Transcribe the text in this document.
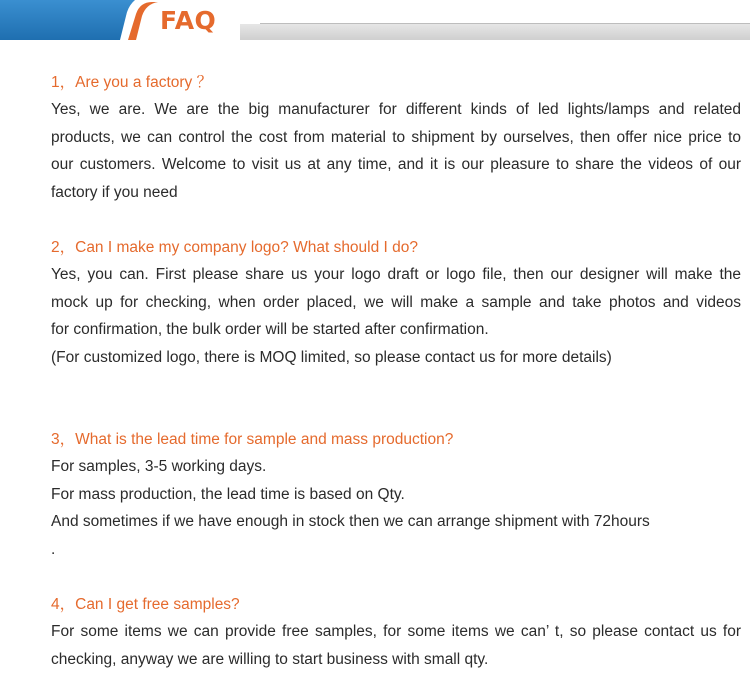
FAQ
1，Are you a factory ？
Yes, we are. We are the big manufacturer for different kinds of led lights/lamps and related
products, we can control the cost from material to shipment by ourselves, then offer nice price to
our customers. Welcome to visit us at any time, and it is our pleasure to share the videos of our
factory if you need
2，Can I make my company logo? What should I do?
Yes, you can. First please share us your logo draft or logo file, then our designer will make the
mock up for checking, when order placed, we will make a sample and take photos and videos
for confirmation, the bulk order will be started after confirmation.
(For customized logo, there is MOQ limited, so please contact us for more details)
3，What is the lead time for sample and mass production?
For samples, 3-5 working days.
For mass production, the lead time is based on Qty.
And sometimes if we have enough in stock then we can arrange shipment with 72hours
.
4，Can I get free samples?
For some items we can provide free samples, for some items we can’ t, so please contact us for
checking, anyway we are willing to start business with small qty.
